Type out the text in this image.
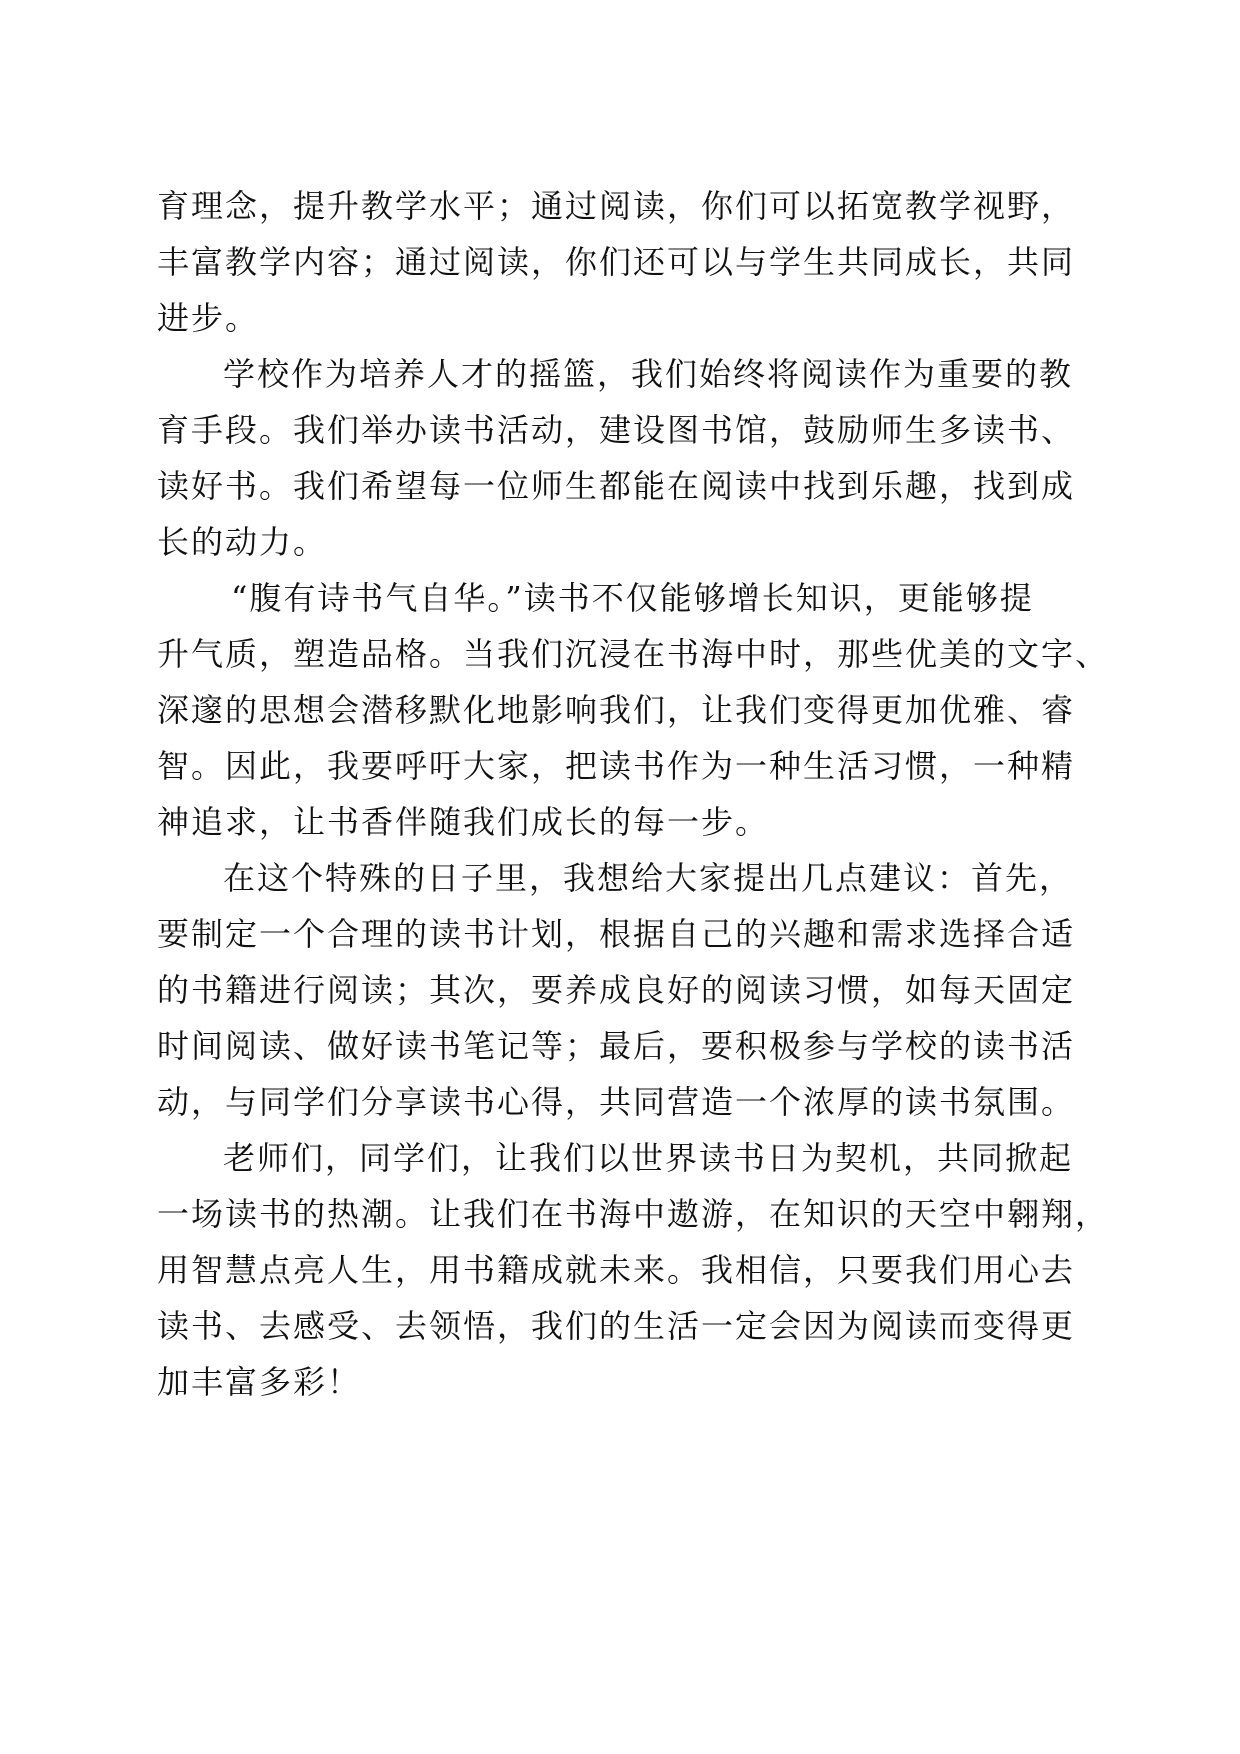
育理念，提升教学水平；通过阅读，你们可以拓宽教学视野，
丰富教学内容；通过阅读，你们还可以与学生共同成长，共同
进步。
学校作为培养人才的摇篮，我们始终将阅读作为重要的教
育手段。我们举办读书活动，建设图书馆，鼓励师生多读书、
读好书。我们希望每一位师生都能在阅读中找到乐趣，找到成
长的动力。
“腹有诗书气自华。”读书不仅能够增长知识，更能够提
升气质，塑造品格。当我们沉浸在书海中时，那些优美的文字、
深邃的思想会潜移默化地影响我们，让我们变得更加优雅、睿
智。因此，我要呼吁大家，把读书作为一种生活习惯，一种精
神追求，让书香伴随我们成长的每一步。
在这个特殊的日子里，我想给大家提出几点建议：首先，
要制定一个合理的读书计划，根据自己的兴趣和需求选择合适
的书籍进行阅读；其次，要养成良好的阅读习惯，如每天固定
时间阅读、做好读书笔记等；最后，要积极参与学校的读书活
动，与同学们分享读书心得，共同营造一个浓厚的读书氛围。
老师们，同学们，让我们以世界读书日为契机，共同掀起
一场读书的热潮。让我们在书海中遨游，在知识的天空中翱翔，
用智慧点亮人生，用书籍成就未来。我相信，只要我们用心去
读书、去感受、去领悟，我们的生活一定会因为阅读而变得更
加丰富多彩！
